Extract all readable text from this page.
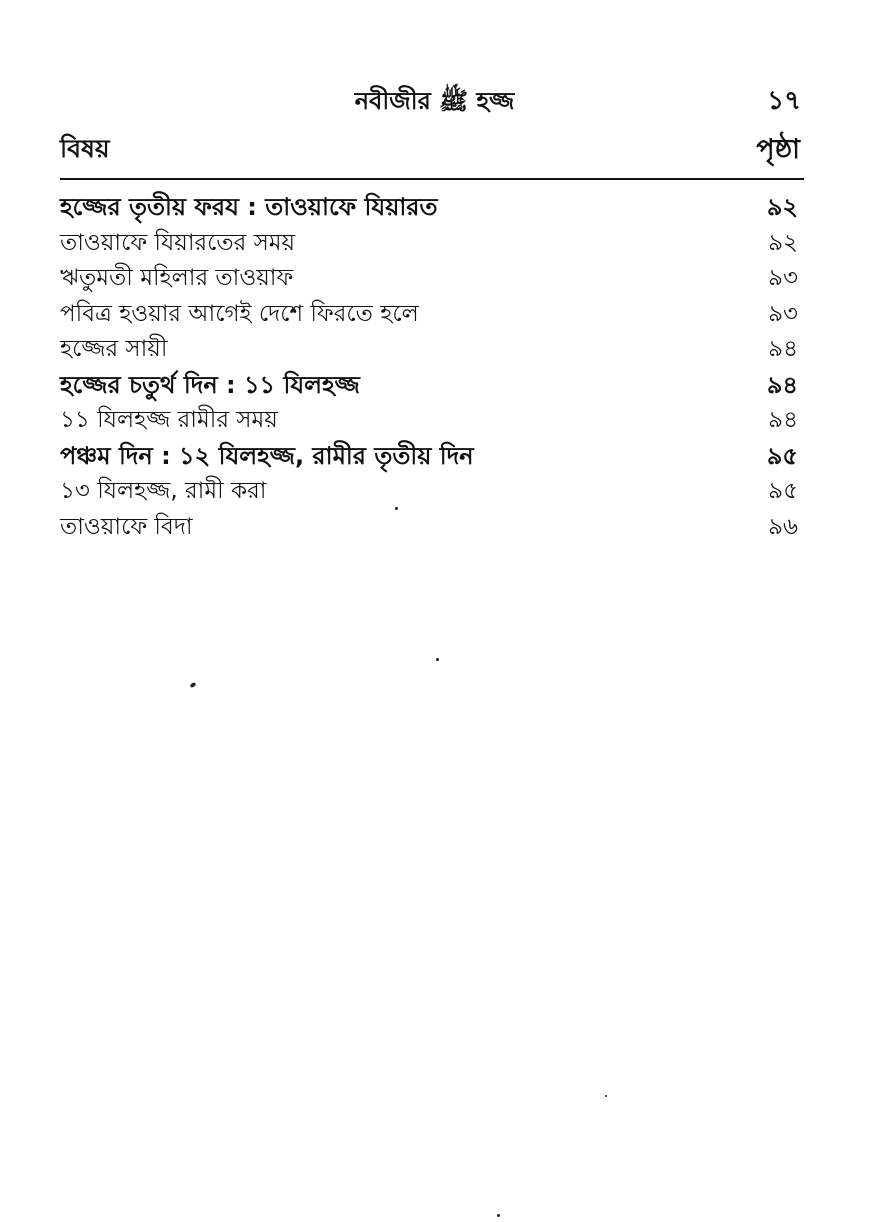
নবীজীর ﷺ হজ্জ	১৭
বিষয়	পৃষ্ঠা
হজ্জের তৃতীয় ফরয : তাওয়াফে যিয়ারত	৯২
তাওয়াফে যিয়ারতের সময়	৯২
ঋতুমতী মহিলার তাওয়াফ	৯৩
পবিত্র হওয়ার আগেই দেশে ফিরতে হলে	৯৩
হজ্জের সায়ী	৯৪
হজ্জের চতুর্থ দিন : ১১ যিলহজ্জ	৯৪
১১ যিলহজ্জ রামীর সময়	৯৪
পঞ্চম দিন : ১২ যিলহজ্জ, রামীর তৃতীয় দিন	৯৫
১৩ যিলহজ্জ, রামী করা	৯৫
তাওয়াফে বিদা	৯৬
